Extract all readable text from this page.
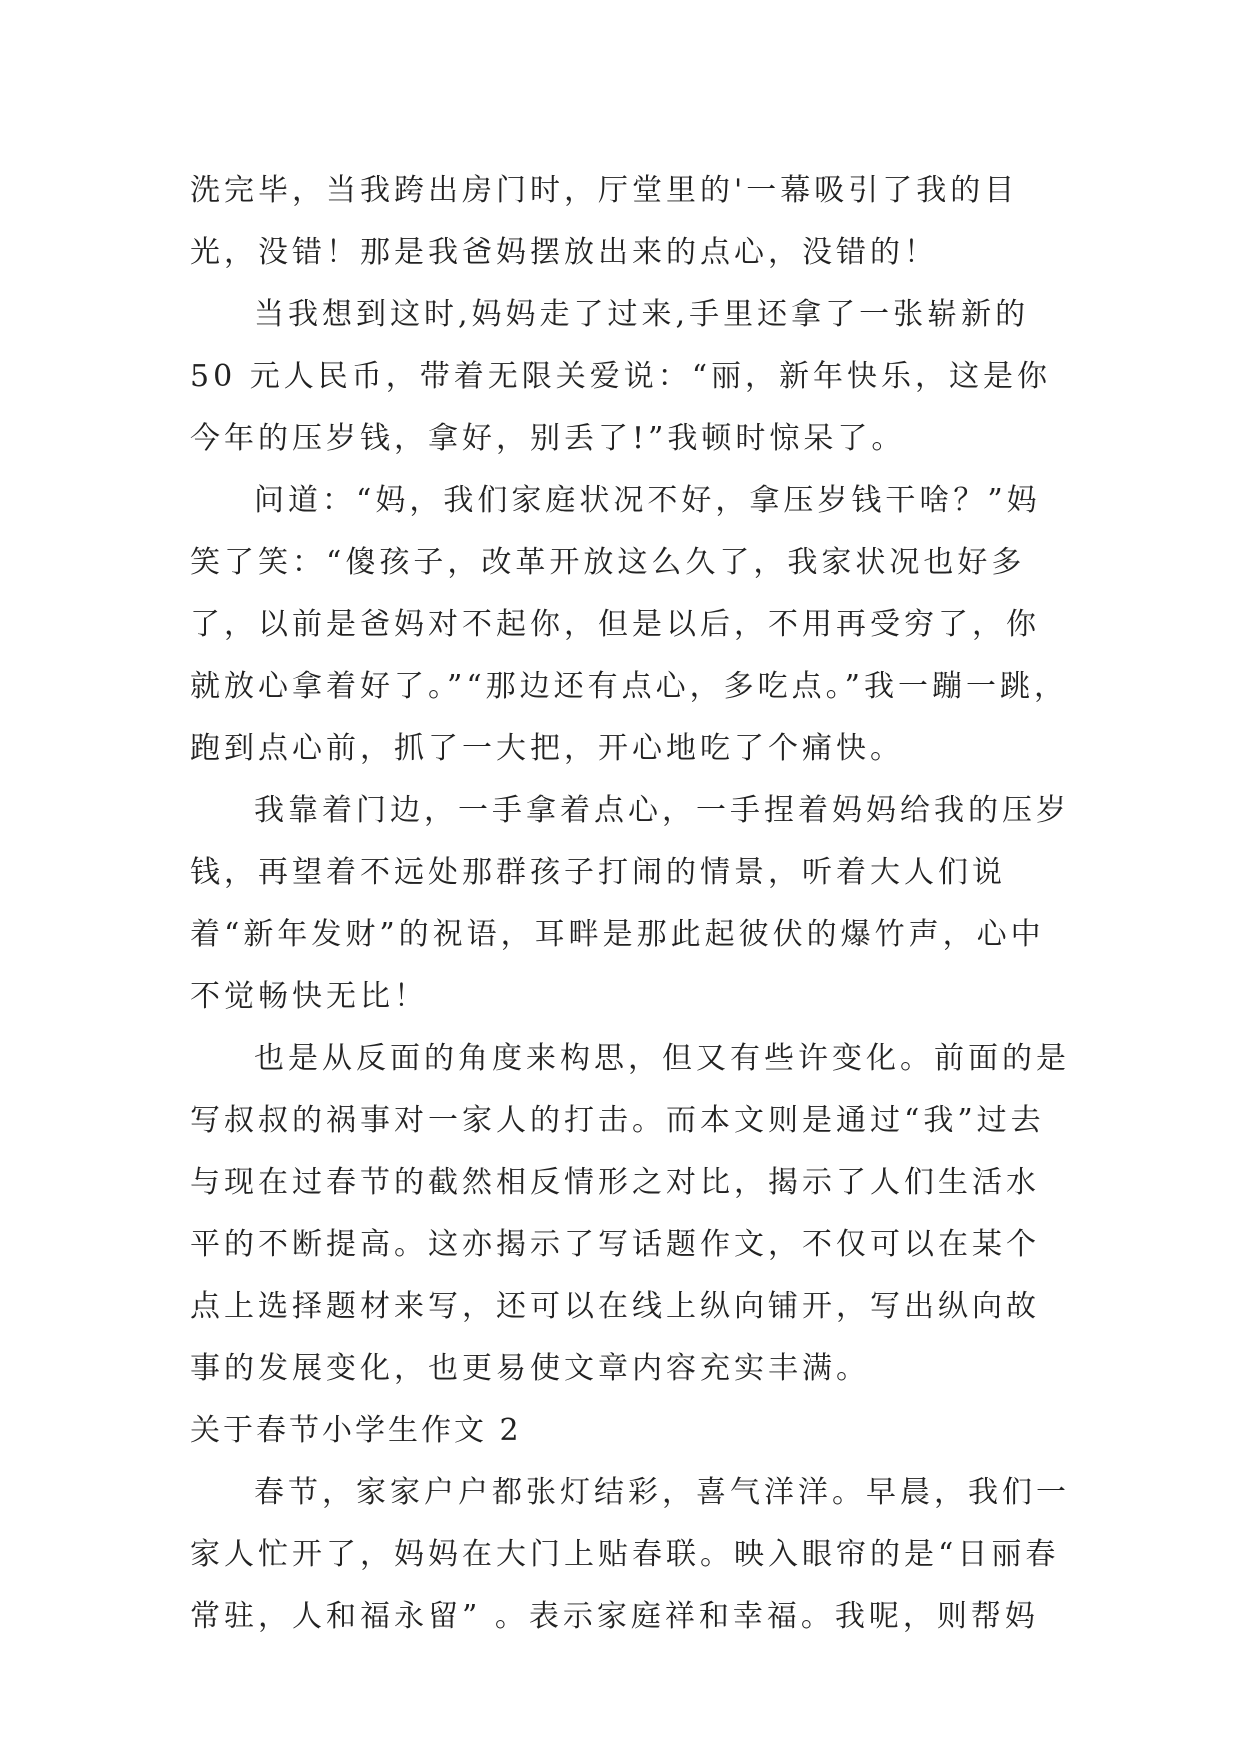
洗完毕，当我跨出房门时，厅堂里的'一幕吸引了我的目光，没错！那是我爸妈摆放出来的点心，没错的！

当我想到这时,妈妈走了过来,手里还拿了一张崭新的 50 元人民币，带着无限关爱说：“丽，新年快乐，这是你今年的压岁钱，拿好，别丢了!”我顿时惊呆了。

问道：“妈，我们家庭状况不好，拿压岁钱干啥？”妈笑了笑：“傻孩子，改革开放这么久了，我家状况也好多了，以前是爸妈对不起你，但是以后，不用再受穷了，你就放心拿着好了。”“那边还有点心，多吃点。”我一蹦一跳，跑到点心前，抓了一大把，开心地吃了个痛快。

我靠着门边，一手拿着点心，一手捏着妈妈给我的压岁钱，再望着不远处那群孩子打闹的情景，听着大人们说着“新年发财”的祝语，耳畔是那此起彼伏的爆竹声，心中不觉畅快无比！

也是从反面的角度来构思，但又有些许变化。前面的是写叔叔的祸事对一家人的打击。而本文则是通过“我”过去与现在过春节的截然相反情形之对比，揭示了人们生活水平的不断提高。这亦揭示了写话题作文，不仅可以在某个点上选择题材来写，还可以在线上纵向铺开，写出纵向故事的发展变化，也更易使文章内容充实丰满。

关于春节小学生作文 2

春节，家家户户都张灯结彩，喜气洋洋。早晨，我们一家人忙开了，妈妈在大门上贴春联。映入眼帘的是“日丽春常驻，人和福永留” 。表示家庭祥和幸福。我呢，则帮妈
